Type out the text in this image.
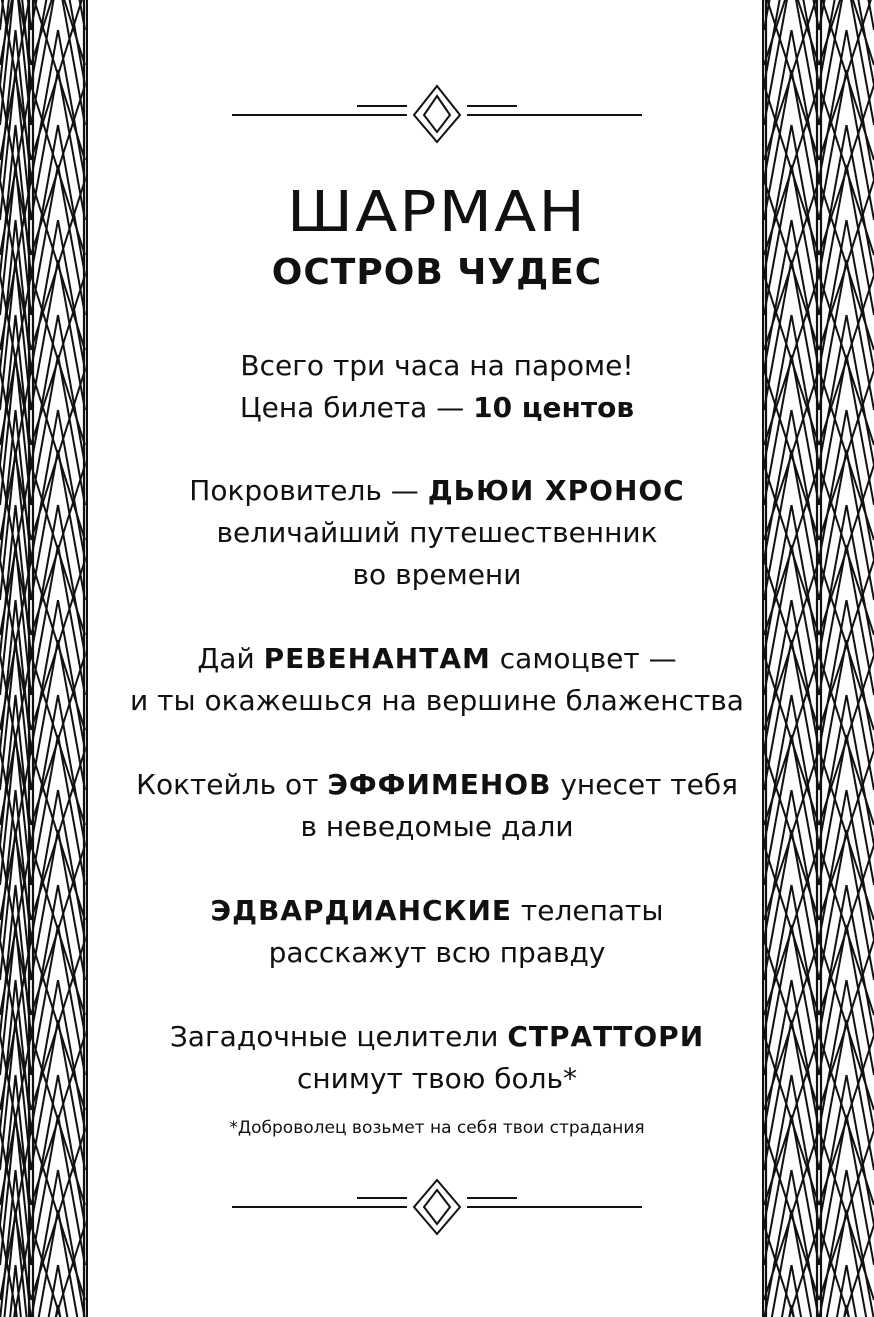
ШАРМАН
ОСТРОВ ЧУДЕС

Всего три часа на пароме!

Цена билета — 10 центов

Покровитель — ДЬЮИ ХРОНОС

величайший путешественник

во времени

Дай РЕВЕНАНТАМ самоцвет —

и ты окажешься на вершине блаженства

Коктейль от ЭФФИМЕНОВ унесет тебя

в неведомые дали

ЭДВАРДИАНСКИЕ телепаты

расскажут всю правду

Загадочные целители СТРАТТОРИ

снимут твою боль*

*Доброволец возьмет на себя твои страдания
